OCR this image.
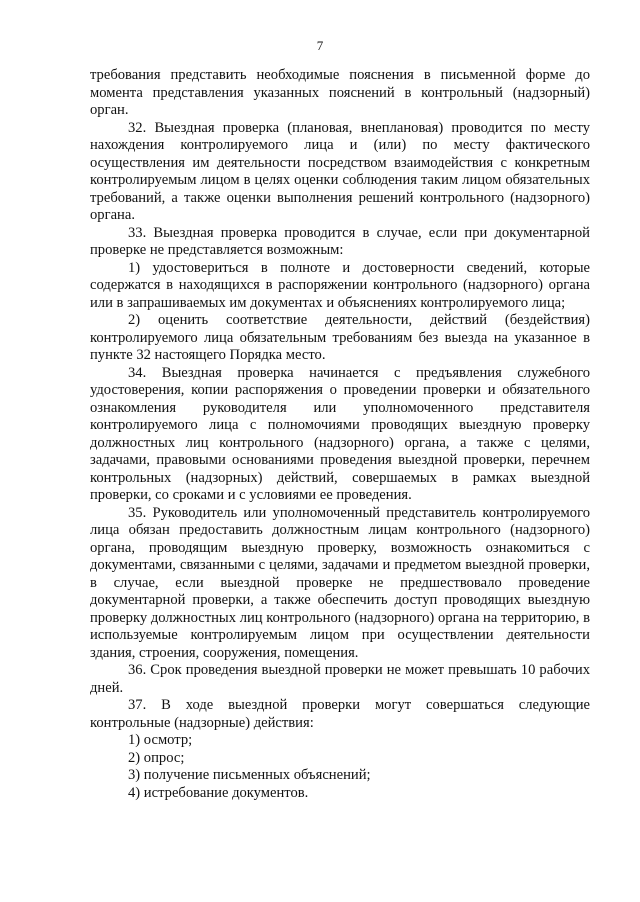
7

требования представить необходимые пояснения в письменной форме до момента представления указанных пояснений в контрольный (надзорный) орган.

32. Выездная проверка (плановая, внеплановая) проводится по месту нахождения контролируемого лица и (или) по месту фактического осуществления им деятельности посредством взаимодействия с конкретным контролируемым лицом в целях оценки соблюдения таким лицом обязательных требований, а также оценки выполнения решений контрольного (надзорного) органа.

33. Выездная проверка проводится в случае, если при документарной проверке не представляется возможным:

1) удостовериться в полноте и достоверности сведений, которые содержатся в находящихся в распоряжении контрольного (надзорного) органа или в запрашиваемых им документах и объяснениях контролируемого лица;

2) оценить соответствие деятельности, действий (бездействия) контролируемого лица обязательным требованиям без выезда на указанное в пункте 32 настоящего Порядка место.

34. Выездная проверка начинается с предъявления служебного удостоверения, копии распоряжения о проведении проверки и обязательного ознакомления руководителя или уполномоченного представителя контролируемого лица с полномочиями проводящих выездную проверку должностных лиц контрольного (надзорного) органа, а также с целями, задачами, правовыми основаниями проведения выездной проверки, перечнем контрольных (надзорных) действий, совершаемых в рамках выездной проверки, со сроками и с условиями ее проведения.

35. Руководитель или уполномоченный представитель контролируемого лица обязан предоставить должностным лицам контрольного (надзорного) органа, проводящим выездную проверку, возможность ознакомиться с документами, связанными с целями, задачами и предметом выездной проверки, в случае, если выездной проверке не предшествовало проведение документарной проверки, а также обеспечить доступ проводящих выездную проверку должностных лиц контрольного (надзорного) органа на территорию, в используемые контролируемым лицом при осуществлении деятельности здания, строения, сооружения, помещения.

36. Срок проведения выездной проверки не может превышать 10 рабочих дней.

37. В ходе выездной проверки могут совершаться следующие контрольные (надзорные) действия:

1) осмотр;

2) опрос;

3) получение письменных объяснений;

4) истребование документов.
